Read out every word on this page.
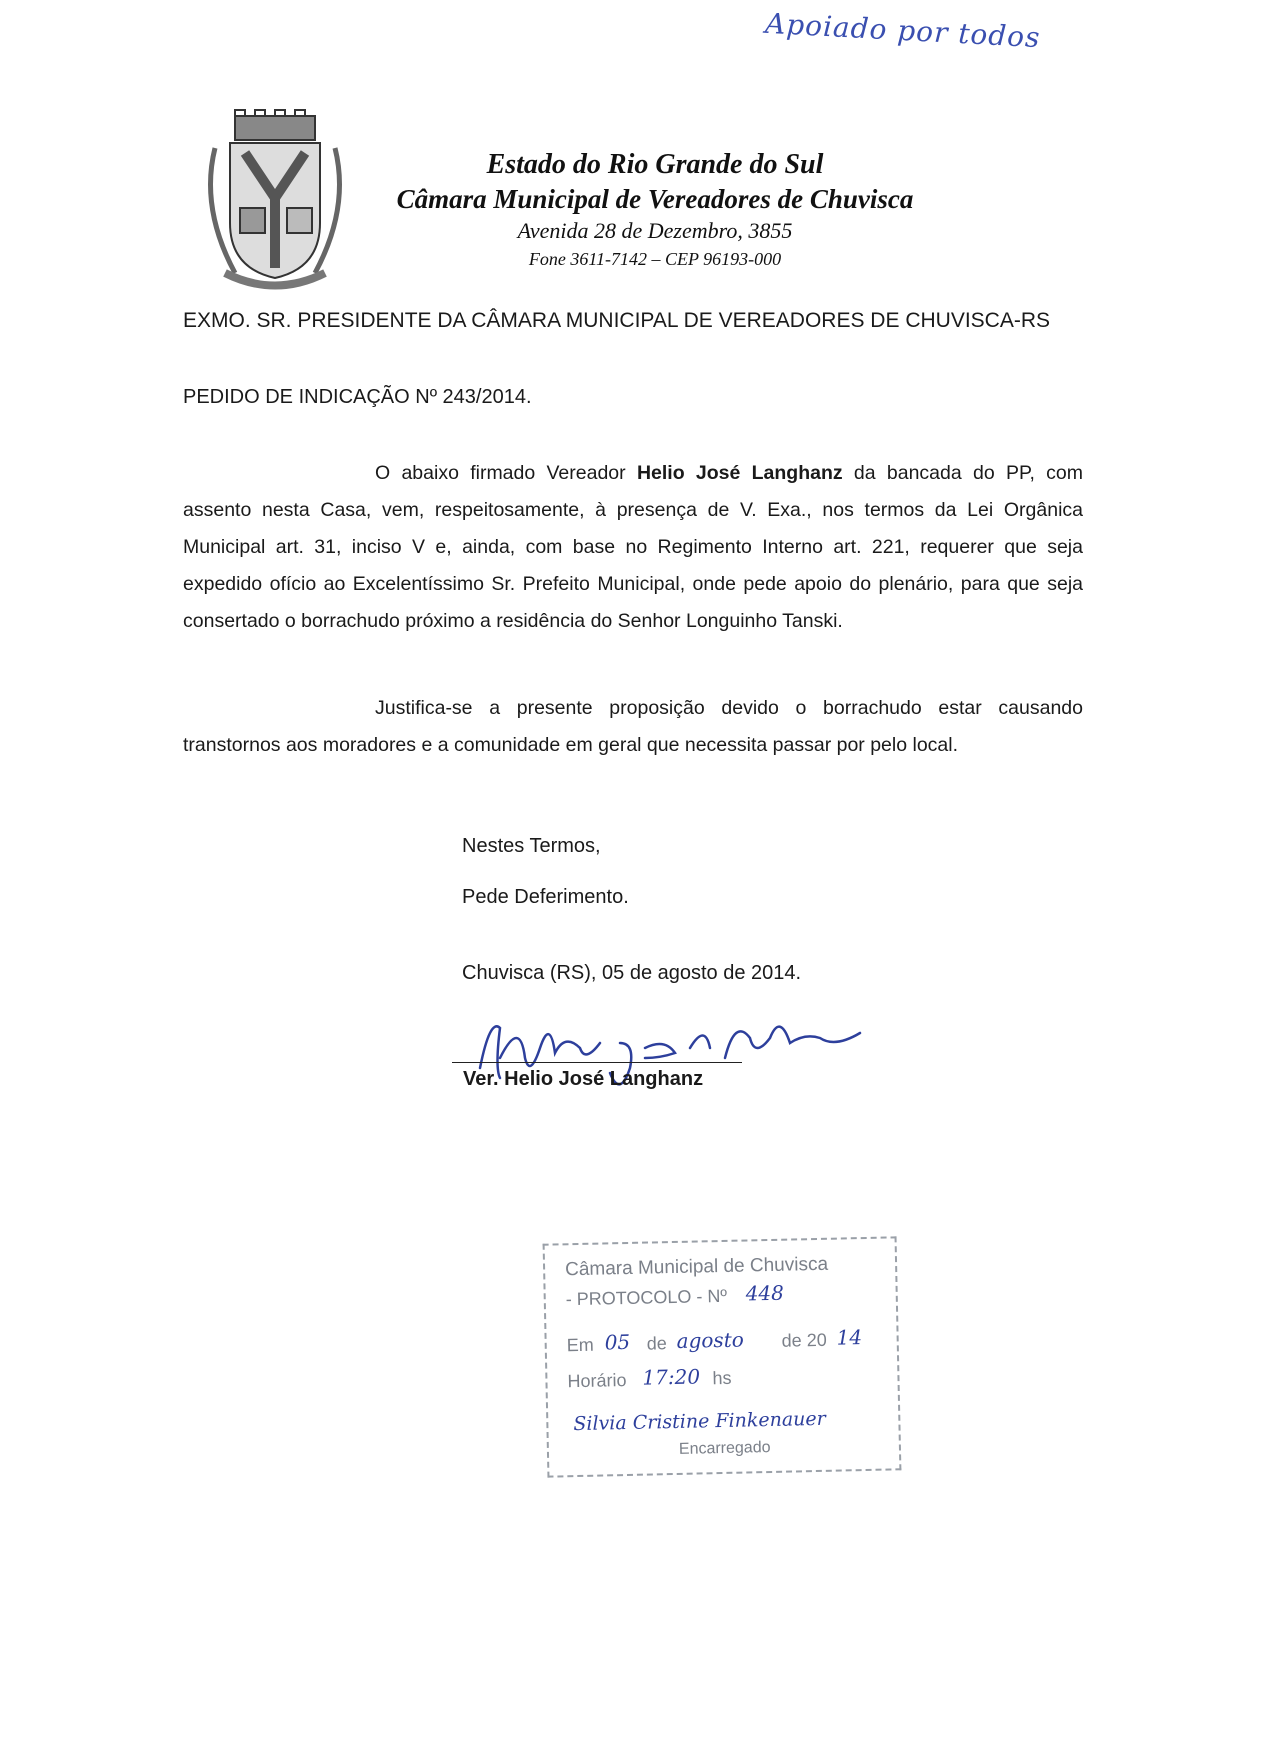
Apoiado por todos
Estado do Rio Grande do Sul
Câmara Municipal de Vereadores de Chuvisca
Avenida 28 de Dezembro, 3855
Fone 3611-7142 – CEP 96193-000
EXMO. SR. PRESIDENTE DA CÂMARA MUNICIPAL DE VEREADORES DE CHUVISCA-RS
PEDIDO DE INDICAÇÃO Nº 243/2014.
O abaixo firmado Vereador Helio José Langhanz da bancada do PP, com assento nesta Casa, vem, respeitosamente, à presença de V. Exa., nos termos da Lei Orgânica Municipal art. 31, inciso V e, ainda, com base no Regimento Interno art. 221, requerer que seja expedido ofício ao Excelentíssimo Sr. Prefeito Municipal, onde pede apoio do plenário, para que seja consertado o borrachudo próximo a residência do Senhor Longuinho Tanski.
Justifica-se a presente proposição devido o borrachudo estar causando transtornos aos moradores e a comunidade em geral que necessita passar por pelo local.
Nestes Termos,
Pede Deferimento.
Chuvisca (RS), 05 de agosto de 2014.
Ver. Helio José Langhanz
Câmara Municipal de Chuvisca
- PROTOCOLO - Nº 448
Em 05 de agosto de 20 14
Horário 17:20 hs
Silvia Cristine Finkenauer
Encarregado
